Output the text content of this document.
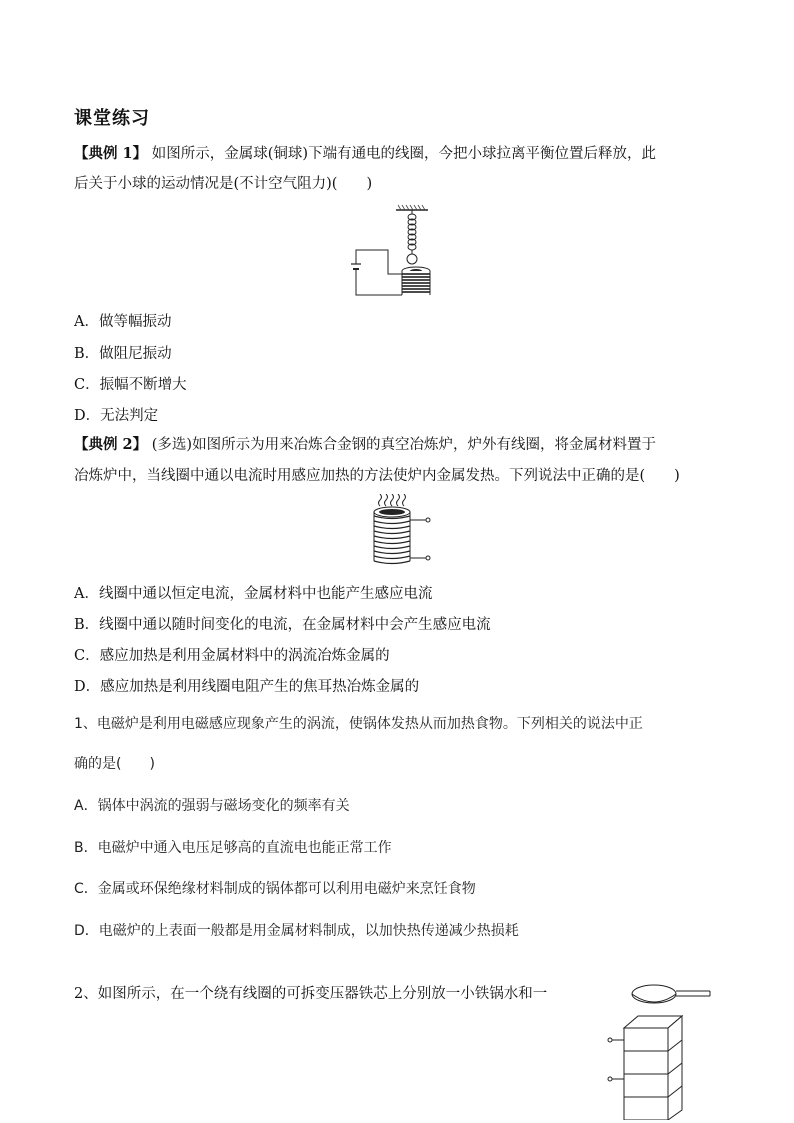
课堂练习
【典例 1】 如图所示，金属球(铜球)下端有通电的线圈，今把小球拉离平衡位置后释放，此
后关于小球的运动情况是(不计空气阻力)(　　)
A．做等幅振动
B．做阻尼振动
C．振幅不断增大
D．无法判定
【典例 2】 (多选)如图所示为用来冶炼合金钢的真空冶炼炉，炉外有线圈，将金属材料置于
冶炼炉中，当线圈中通以电流时用感应加热的方法使炉内金属发热。下列说法中正确的是(　　)
A．线圈中通以恒定电流，金属材料中也能产生感应电流
B．线圈中通以随时间变化的电流，在金属材料中会产生感应电流
C．感应加热是利用金属材料中的涡流冶炼金属的
D．感应加热是利用线圈电阻产生的焦耳热冶炼金属的
1、电磁炉是利用电磁感应现象产生的涡流，使锅体发热从而加热食物。下列相关的说法中正
确的是(　　)
A．锅体中涡流的强弱与磁场变化的频率有关
B．电磁炉中通入电压足够高的直流电也能正常工作
C．金属或环保绝缘材料制成的锅体都可以利用电磁炉来烹饪食物
D．电磁炉的上表面一般都是用金属材料制成，以加快热传递减少热损耗
2、如图所示，在一个绕有线圈的可拆变压器铁芯上分别放一小铁锅水和一
